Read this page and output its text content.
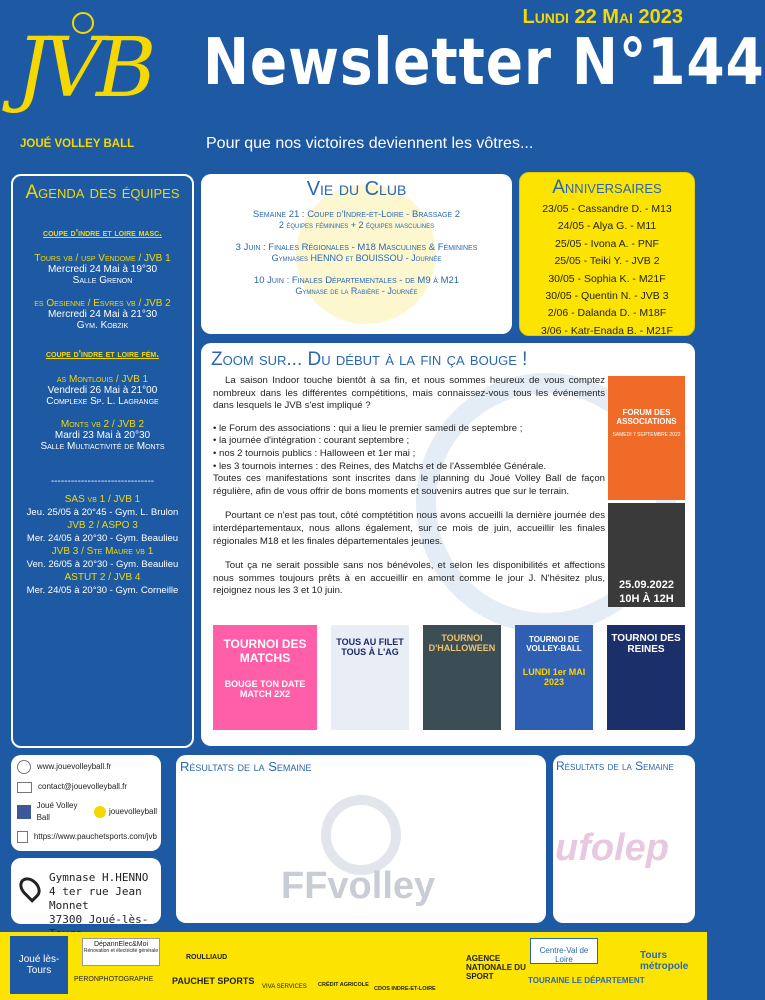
JVB
JOUÉ VOLLEY BALL
Lundi 22 Mai 2023
Newsletter N°144
Pour que nos victoires deviennent les vôtres...
Agenda des équipes
coupe d'indre et loire masc.
Tours vb / usp Vendome / JVB 1
Mercredi 24 Mai à 19°30
Salle Grenon
es Oesienne / Esvres vb / JVB 2
Mercredi 24 Mai à 21°30
Gym. Kobzik
coupe d'indre et loire fém.
as Montlouis / JVB 1
Vendredi 26 Mai à 21°00
Complexe Sp. L. Lagrange
Monts vb 2 / JVB 2
Mardi 23 Mai à 20°30
Salle Multiactivité de Monts
-------------------------------
SAS vb 1 / JVB 1
Jeu. 25/05 à 20°45 - Gym. L. Brulon
JVB 2 / ASPO 3
Mer. 24/05 à 20°30 - Gym. Beaulieu
JVB 3 / Ste Maure vb 1
Ven. 26/05 à 20°30 - Gym. Beaulieu
ASTUT 2 / JVB 4
Mer. 24/05 à 20°30 - Gym. Corneille
Vie du Club
Semaine 21 : Coupe d'Indre-et-Loire - Brassage 2
2 équipes féminines + 2 équipes masculines
3 Juin : Finales Régionales - M18 Masculines & Féminines
Gymnases HENNO et BOUISSOU - Journée
10 Juin : Finales Départementales - de M9 à M21
Gymnase de la Rabière - Journée
Anniversaires
23/05 - Cassandre D. - M13
24/05 - Alya G. - M11
25/05 - Ivona A. - PNF
25/05 - Teiki Y. - JVB 2
30/05 - Sophia K. - M21F
30/05 - Quentin N. - JVB 3
2/06 - Dalanda D. - M18F
3/06 - Katr-Enada B. - M21F
Zoom sur... Du début à la fin ça bouge !

La saison Indoor touche bientôt à sa fin, et nous sommes heureux de vous comptez nombreux dans les différentes compétitions, mais connaissez-vous tous les événements dans lesquels le JVB s'est impliqué ?

• le Forum des associations : qui a lieu le premier samedi de septembre ;
• la journée d'intégration : courant septembre ;
• nos 2 tournois publics : Halloween et 1er mai ;
• les 3 tournois internes : des Reines, des Matchs et de l'Assemblée Générale.

Toutes ces manifestations sont inscrites dans le planning du Joué Volley Ball de façon régulière, afin de vous offrir de bons moments et souvenirs autres que sur le terrain.

Pourtant ce n'est pas tout, côté comptétition nous avons accueilli la dernière journée des interdépartementaux, nous allons également, sur ce mois de juin, accueillir les finales régionales M18 et les finales départementales jeunes.

Tout ça ne serait possible sans nos bénévoles, et selon les disponibilités et affections nous sommes toujours prêts à en accueillir en amont comme le jour J. N'hésitez plus, rejoignez nous les 3 et 10 juin.

FORUM DES ASSOCIATIONS
SAMEDI 7 SEPTEMBRE 2022
25.09.2022
10H À 12H
TOURNOI DES MATCHS
BOUGE TON DATE MATCH 2X2
TOUS AU FILET TOUS À L'AG
TOURNOI D'HALLOWEEN
TOURNOI DE VOLLEY-BALL
LUNDI 1er MAI 2023
TOURNOI DES REINES
www.jouevolleyball.fr
contact@jouevolleyball.fr
Joué Volley Ball
jouevolleyball
https://www.pauchetsports.com/jvb
Gymnase H.HENNO
4 ter rue Jean Monnet
37300 Joué-lès-
Résultats de la Semaine
FFvolley
Résultats de la Semaine
ufolep
Joué lès-Tours
DépannElec&Moi
Rénovation et électricité générale
PERONPHOTOGRAPHE
ROULLIAUD
PAUCHET SPORTS
VIVA SERVICES CRÉDIT AGRICOLE
CDOS INDRE-ET-LOIRE
AGENCE NATIONALE DU SPORT
Centre-Val de Loire
TOURAINE LE DÉPARTEMENT
Tours métropole
